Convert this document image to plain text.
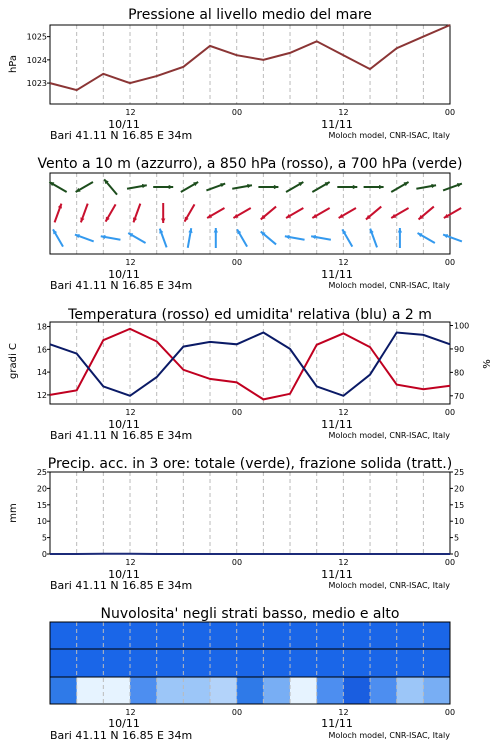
Pressione al livello medio del mare
hPa
1023
1024
1025
12	00	12	00
10/11	11/11
Bari 41.11 N 16.85 E 34m	Moloch model, CNR-ISAC, Italy
Vento a 10 m (azzurro), a 850 hPa (rosso), a 700 hPa (verde)
12	00	12	00
10/11	11/11
Bari 41.11 N 16.85 E 34m	Moloch model, CNR-ISAC, Italy
Temperatura (rosso) ed umidita' relativa (blu) a 2 m
gradi C	%
12
14
16
18
70
80
90
100
12	00	12	00
10/11	11/11
Bari 41.11 N 16.85 E 34m	Moloch model, CNR-ISAC, Italy
Precip. acc. in 3 ore: totale (verde), frazione solida (tratt.)
mm
0
5
10
15
20
25
0
5
10
15
20
25
12	00	12	00
10/11	11/11
Bari 41.11 N 16.85 E 34m	Moloch model, CNR-ISAC, Italy
Nuvolosita' negli strati basso, medio e alto
12	00	12	00
10/11	11/11
Bari 41.11 N 16.85 E 34m	Moloch model, CNR-ISAC, Italy
